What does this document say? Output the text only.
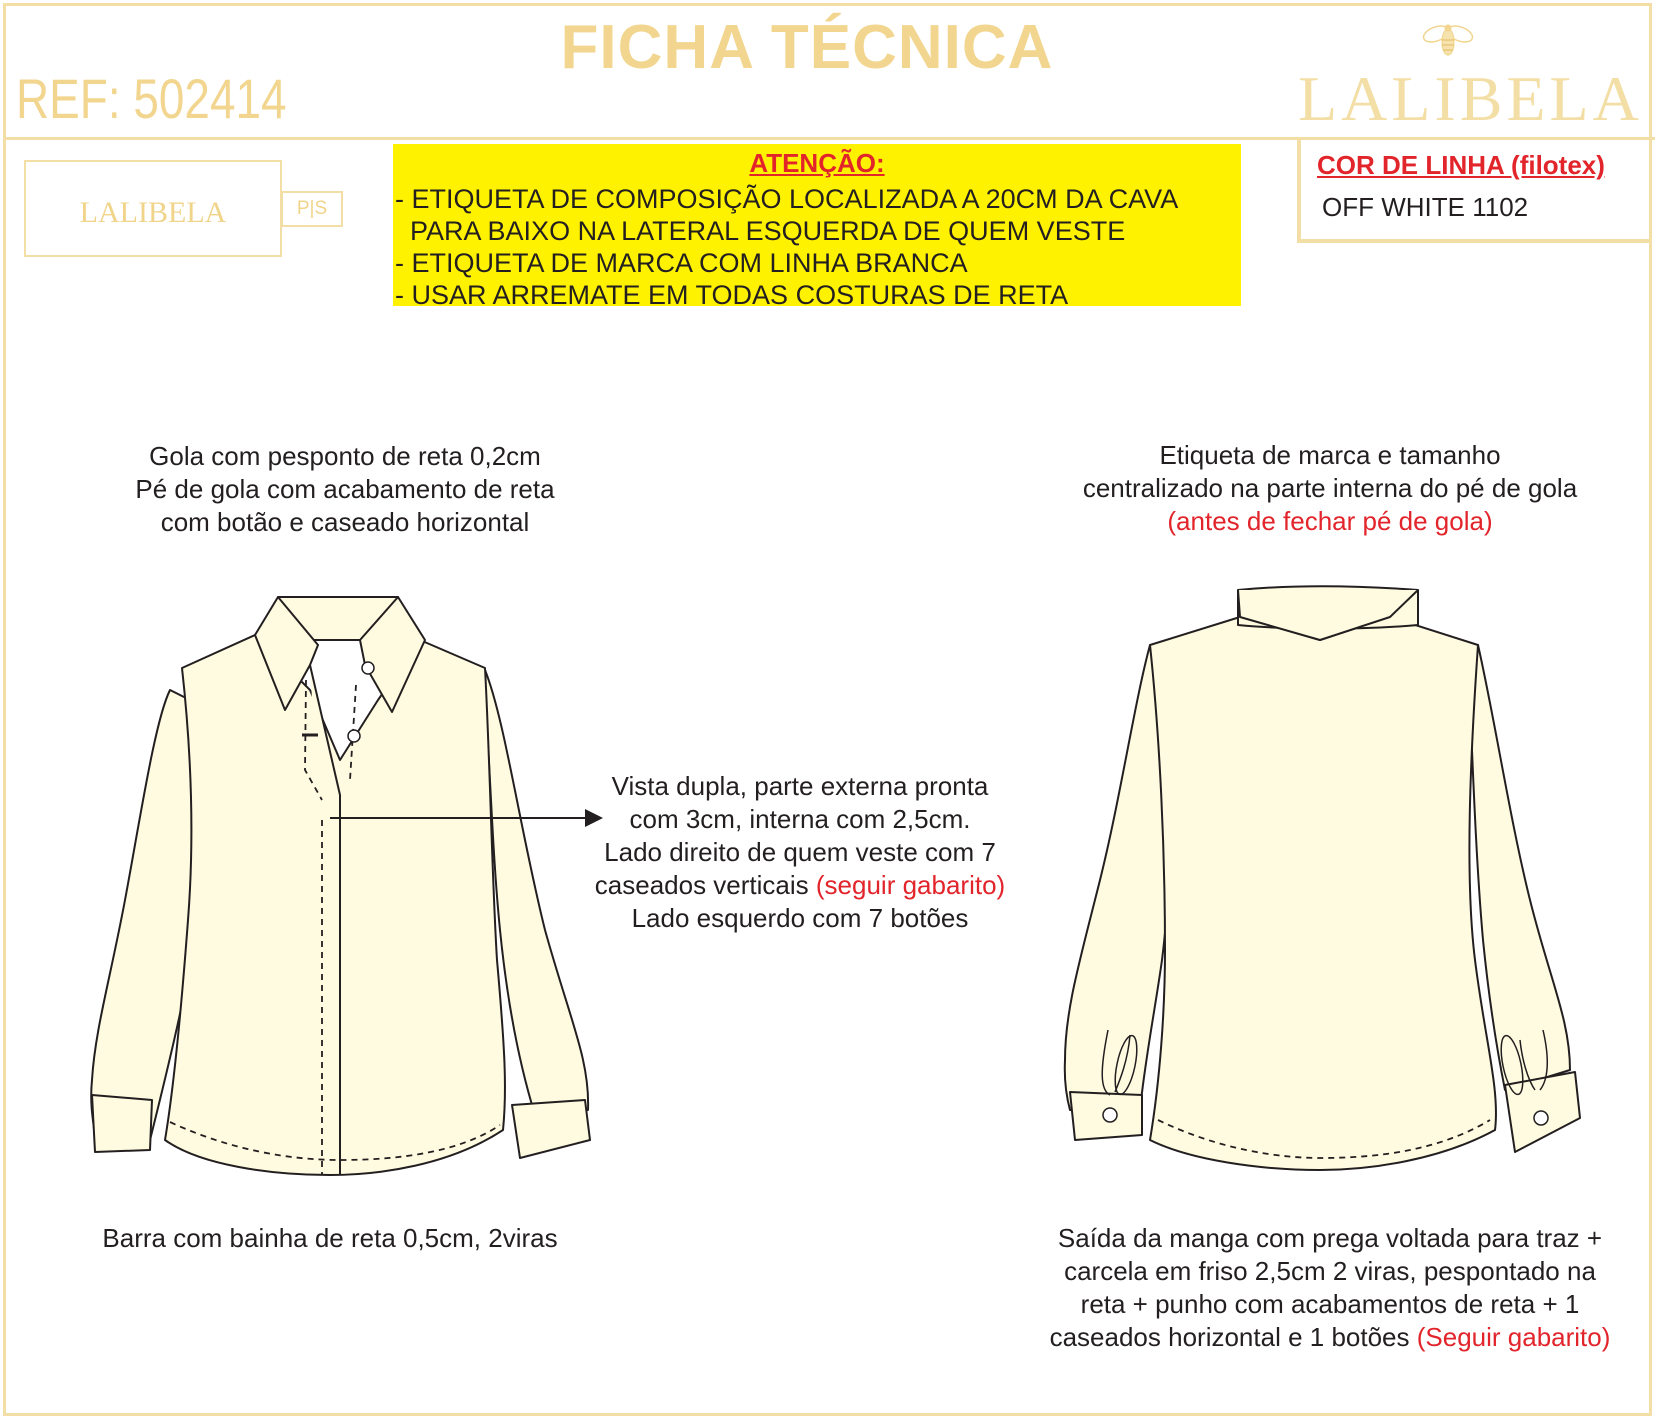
FICHA TÉCNICA
REF: 502414	LALIBELA
LALIBELA	P|S
ATENÇÃO:
- ETIQUETA DE COMPOSIÇÃO LOCALIZADA A 20CM DA CAVA
PARA BAIXO NA LATERAL ESQUERDA DE QUEM VESTE
- ETIQUETA DE MARCA COM LINHA BRANCA
- USAR ARREMATE EM TODAS COSTURAS DE RETA
COR DE LINHA (filotex)
OFF WHITE 1102
Gola com pesponto de reta 0,2cm
Pé de gola com acabamento de reta
com botão e caseado horizontal
Etiqueta de marca e tamanho
centralizado na parte interna do pé de gola
(antes de fechar pé de gola)
Vista dupla, parte externa pronta
com 3cm, interna com 2,5cm.
Lado direito de quem veste com 7
caseados verticais (seguir gabarito)
Lado esquerdo com 7 botões
Barra com bainha de reta 0,5cm, 2viras	Saída da manga com prega voltada para traz +
carcela em friso 2,5cm 2 viras, pespontado na
reta + punho com acabamentos de reta + 1
caseados horizontal e 1 botões (Seguir gabarito)
